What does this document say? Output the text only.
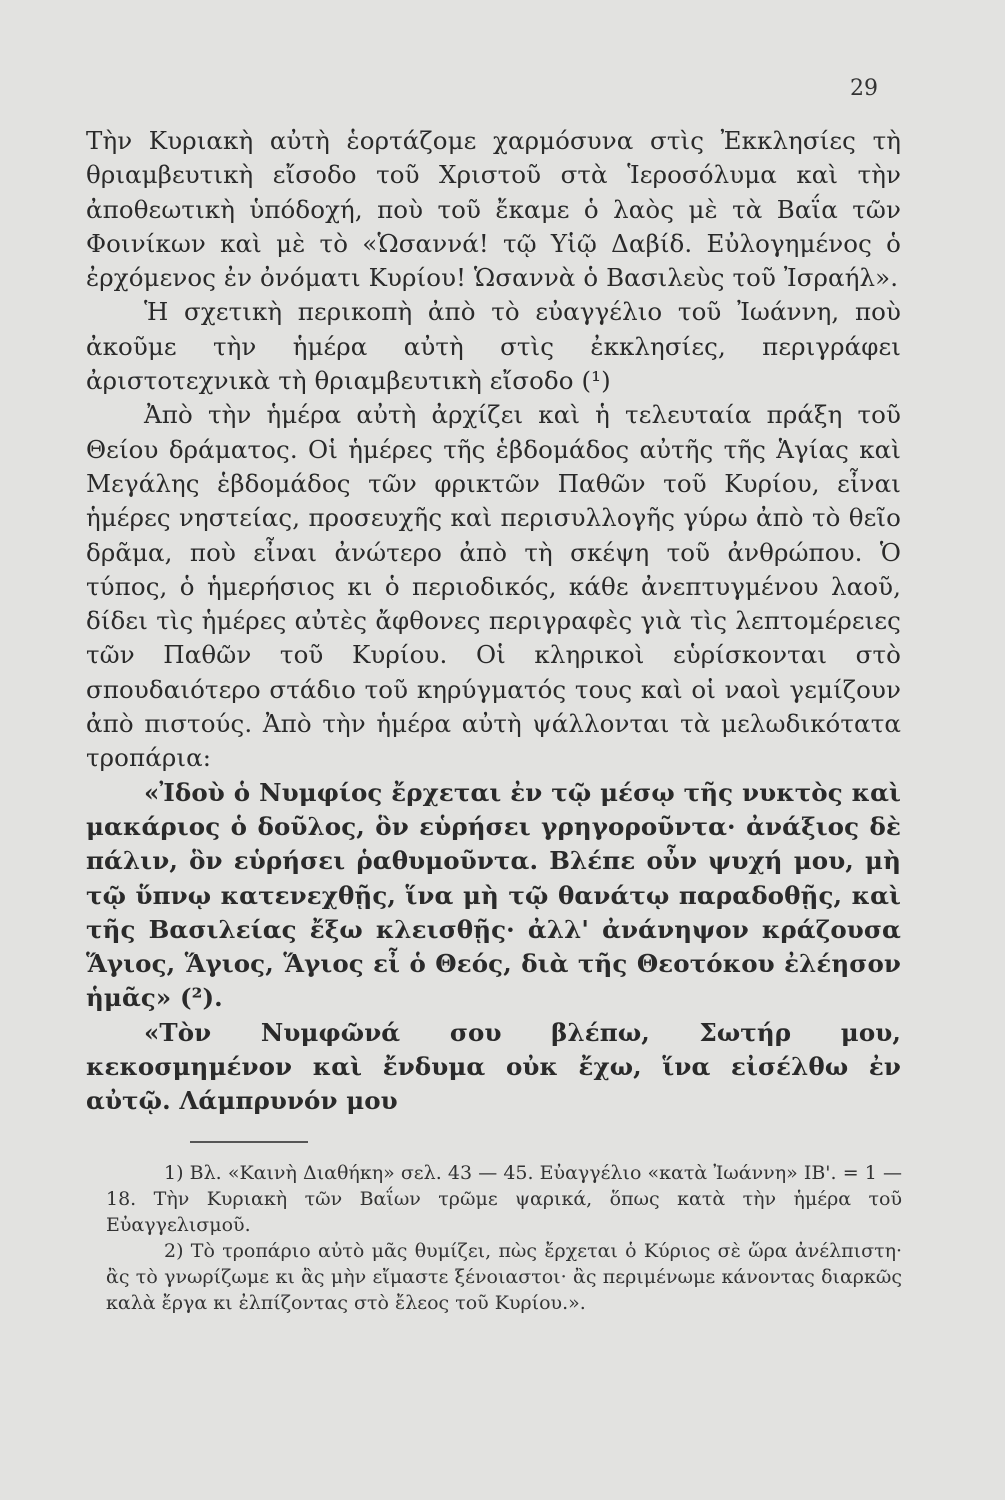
29

Τὴν Κυριακὴ αὐτὴ ἑορτάζομε χαρμόσυνα στὶς Ἐκκλησίες τὴ θριαμβευτικὴ εἴσοδο τοῦ Χριστοῦ στὰ Ἱεροσόλυμα καὶ τὴν ἀποθεωτικὴ ὑπόδοχή, ποὺ τοῦ ἔκαμε ὁ λαὸς μὲ τὰ Βαΐα τῶν Φοινίκων καὶ μὲ τὸ «Ὡσαννά! τῷ Υἱῷ Δαβίδ. Εὐλογημένος ὁ ἐρχόμενος ἐν ὀνόματι Κυρίου! Ὡσαννὰ ὁ Βασιλεὺς τοῦ Ἰσραήλ».

Ἡ σχετικὴ περικοπὴ ἀπὸ τὸ εὐαγγέλιο τοῦ Ἰωάννη, ποὺ ἀκοῦμε τὴν ἡμέρα αὐτὴ στὶς ἐκκλησίες, περιγράφει ἀριστοτεχνικὰ τὴ θριαμβευτικὴ εἴσοδο (¹)

Ἀπὸ τὴν ἡμέρα αὐτὴ ἀρχίζει καὶ ἡ τελευταία πράξη τοῦ Θείου δράματος. Οἱ ἡμέρες τῆς ἑβδομάδος αὐτῆς τῆς Ἁγίας καὶ Μεγάλης ἑβδομάδος τῶν φρικτῶν Παθῶν τοῦ Κυρίου, εἶναι ἡμέρες νηστείας, προσευχῆς καὶ περισυλλογῆς γύρω ἀπὸ τὸ θεῖο δρᾶμα, ποὺ εἶναι ἀνώτερο ἀπὸ τὴ σκέψη τοῦ ἀνθρώπου. Ὁ τύπος, ὁ ἡμερήσιος κι ὁ περιοδικός, κάθε ἀνεπτυγμένου λαοῦ, δίδει τὶς ἡμέρες αὐτὲς ἄφθονες περιγραφὲς γιὰ τὶς λεπτομέρειες τῶν Παθῶν τοῦ Κυρίου. Οἱ κληρικοὶ εὑρίσκονται στὸ σπουδαιότερο στάδιο τοῦ κηρύγματός τους καὶ οἱ ναοὶ γεμίζουν ἀπὸ πιστούς. Ἀπὸ τὴν ἡμέρα αὐτὴ ψάλλονται τὰ μελωδικότατα τροπάρια:

«Ἰδοὺ ὁ Νυμφίος ἔρχεται ἐν τῷ μέσῳ τῆς νυκτὸς καὶ μακάριος ὁ δοῦλος, ὃν εὑρήσει γρηγοροῦντα· ἀνάξιος δὲ πάλιν, ὃν εὑρήσει ῥαθυμοῦντα. Βλέπε οὖν ψυχή μου, μὴ τῷ ὕπνῳ κατενεχθῇς, ἵνα μὴ τῷ θανάτῳ παραδοθῇς, καὶ τῆς Βασιλείας ἔξω κλεισθῇς· ἀλλ' ἀνάνηψον κράζουσα Ἅγιος, Ἅγιος, Ἅγιος εἶ ὁ Θεός, διὰ τῆς Θεοτόκου ἐλέησον ἡμᾶς» (²).

«Τὸν Νυμφῶνά σου βλέπω, Σωτήρ μου, κεκοσμημένον καὶ ἔνδυμα οὐκ ἔχω, ἵνα εἰσέλθω ἐν αὐτῷ. Λάμπρυνόν μου

1) Βλ. «Καινὴ Διαθήκη» σελ. 43 — 45. Εὐαγγέλιο «κατὰ Ἰωάννη» ΙΒ'. = 1 — 18. Τὴν Κυριακὴ τῶν Βαΐων τρῶμε ψαρικά, ὅπως κατὰ τὴν ἡμέρα τοῦ Εὐαγγελισμοῦ.

2) Τὸ τροπάριο αὐτὸ μᾶς θυμίζει, πὼς ἔρχεται ὁ Κύριος σὲ ὥρα ἀνέλπιστη· ἂς τὸ γνωρίζωμε κι ἂς μὴν εἴμαστε ξένοιαστοι· ἂς περιμένωμε κάνοντας διαρκῶς καλὰ ἔργα κι ἐλπίζοντας στὸ ἔλεος τοῦ Κυρίου.».
